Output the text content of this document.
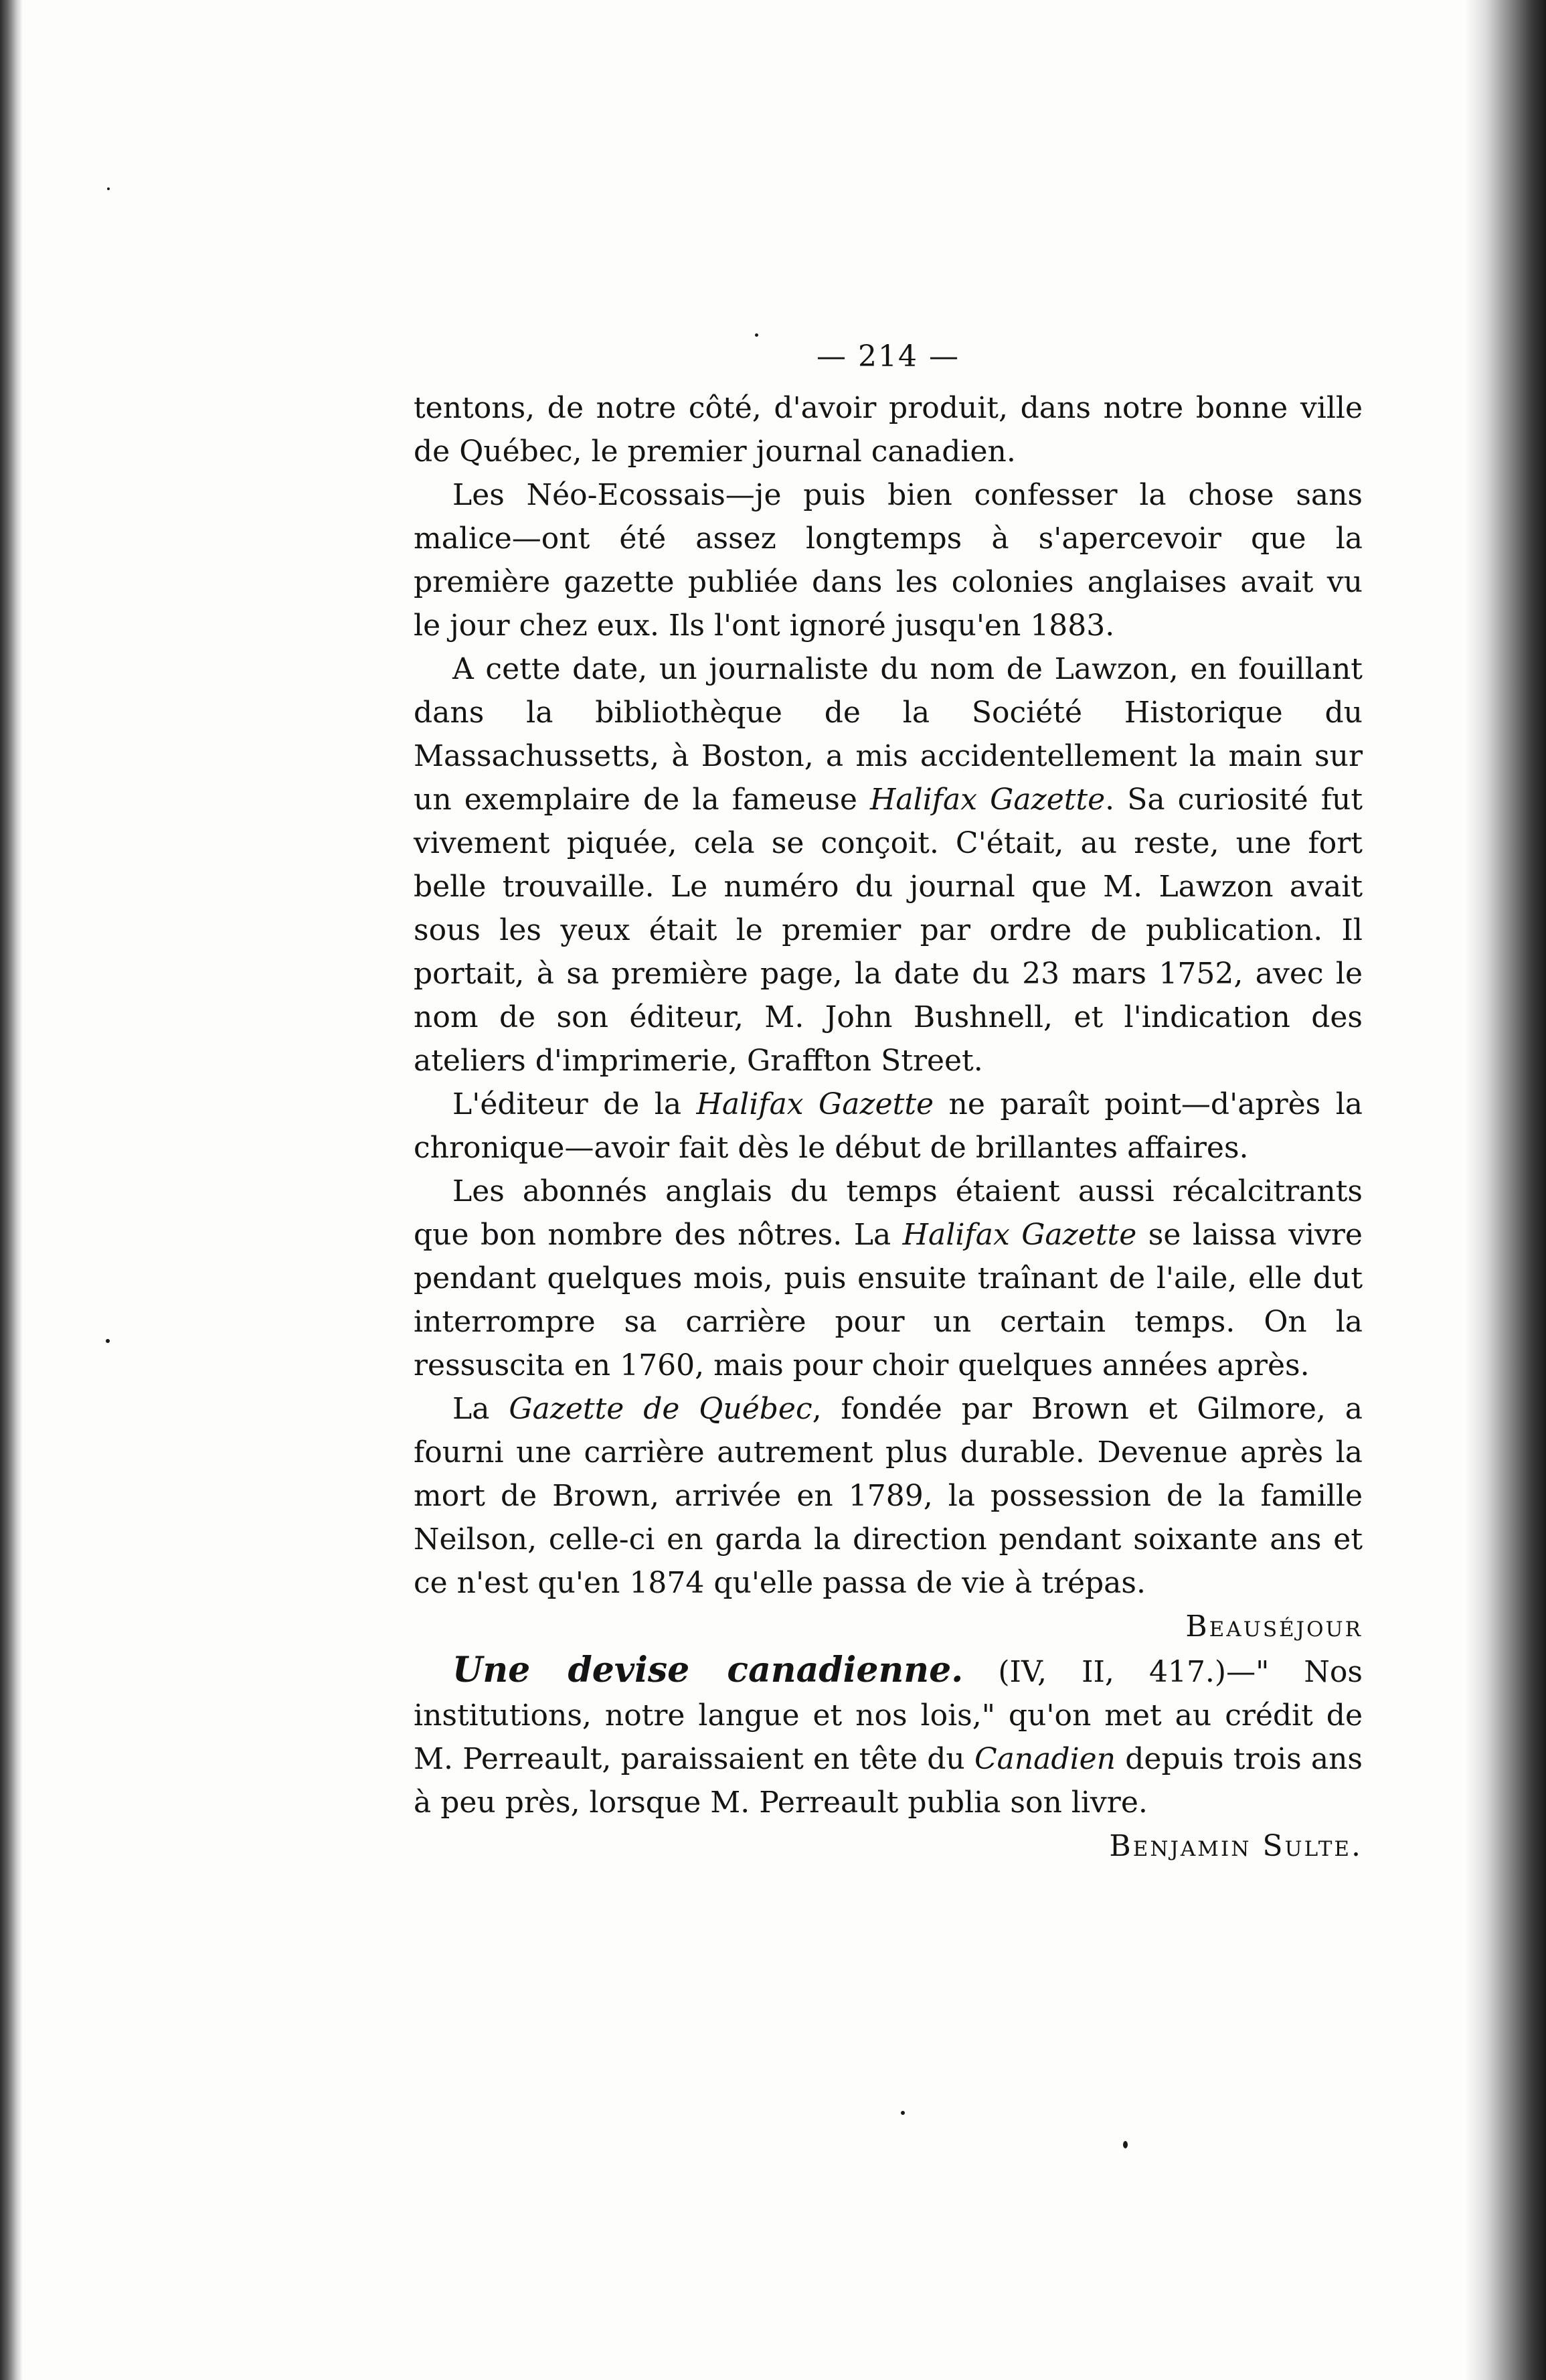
— 214 —

tentons, de notre côté, d'avoir produit, dans notre bonne ville de Québec, le premier journal canadien.

Les Néo-Ecossais—je puis bien confesser la chose sans malice—ont été assez longtemps à s'apercevoir que la première gazette publiée dans les colonies anglaises avait vu le jour chez eux. Ils l'ont ignoré jusqu'en 1883.

A cette date, un journaliste du nom de Lawzon, en fouillant dans la bibliothèque de la Société Historique du Massachussetts, à Boston, a mis accidentellement la main sur un exemplaire de la fameuse Halifax Gazette. Sa curiosité fut vivement piquée, cela se conçoit. C'était, au reste, une fort belle trouvaille. Le numéro du journal que M. Lawzon avait sous les yeux était le premier par ordre de publication. Il portait, à sa première page, la date du 23 mars 1752, avec le nom de son éditeur, M. John Bushnell, et l'indication des ateliers d'imprimerie, Graffton Street.

L'éditeur de la Halifax Gazette ne paraît point—d'après la chronique—avoir fait dès le début de brillantes affaires.

Les abonnés anglais du temps étaient aussi récalcitrants que bon nombre des nôtres. La Halifax Gazette se laissa vivre pendant quelques mois, puis ensuite traînant de l'aile, elle dut interrompre sa carrière pour un certain temps. On la ressuscita en 1760, mais pour choir quelques années après.

La Gazette de Québec, fondée par Brown et Gilmore, a fourni une carrière autrement plus durable. Devenue après la mort de Brown, arrivée en 1789, la possession de la famille Neilson, celle-ci en garda la direction pendant soixante ans et ce n'est qu'en 1874 qu'elle passa de vie à trépas.

Beauséjour

Une devise canadienne. (IV, II, 417.)—" Nos institutions, notre langue et nos lois," qu'on met au crédit de M. Perreault, paraissaient en tête du Canadien depuis trois ans à peu près, lorsque M. Perreault publia son livre.

Benjamin Sulte.
